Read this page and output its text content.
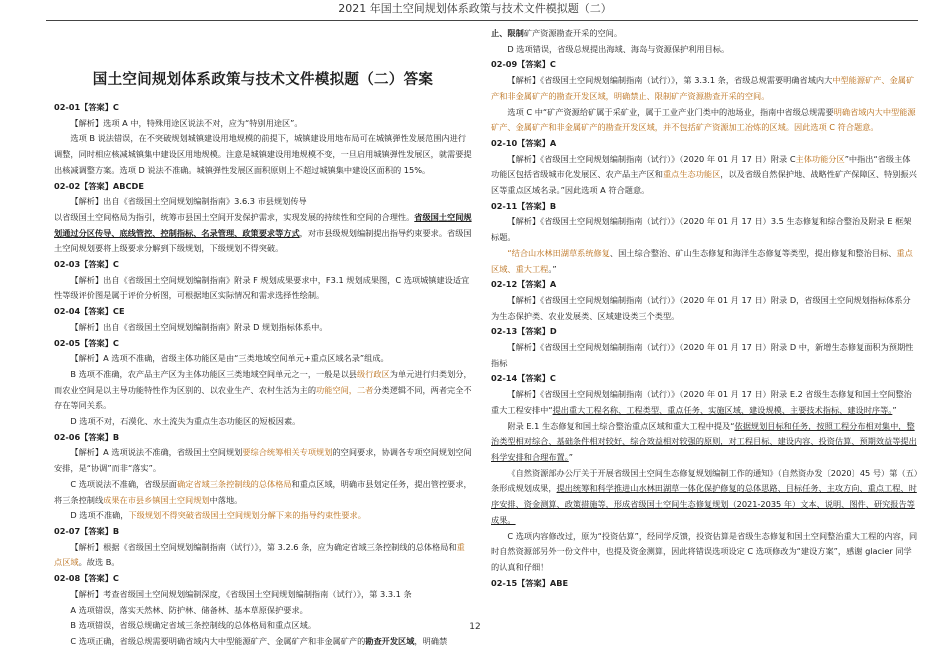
2021 年国土空间规划体系政策与技术文件模拟题（二）
国土空间规划体系政策与技术文件模拟题（二）答案

02-01【答案】C

【解析】选项 A 中，特殊用途区说法不对，应为“特别用途区”。

选项 B 说法错误，在不突破规划城镇建设用地规模的前提下，城镇建设用地布局可在城镇弹性发展范围内进行调整，同时相应核减城镇集中建设区用地规模。注意是城镇建设用地规模不变，一旦启用城镇弹性发展区，就需要提出核减调整方案。选项 D 说法不准确。城镇弹性发展区面积原则上不超过城镇集中建设区面积的 15%。

02-02【答案】ABCDE

【解析】出自《省级国土空间规划编制指南》3.6.3 市县规划传导

以省级国土空间格局为指引，统筹市县国土空间开发保护需求，实现发展的持续性和空间的合理性。省级国土空间规划通过分区传导、底线管控、控制指标、名录管理、政策要求等方式，对市县级规划编制提出指导约束要求。省级国土空间规划要将上级要求分解到下级规划，下级规划不得突破。

02-03【答案】C

【解析】出自《省级国土空间规划编制指南》附录 F 规划成果要求中，F3.1 规划成果图，C 选项城镇建设适宜性等级评价图是属于评价分析图，可根据地区实际情况和需求选择性绘制。

02-04【答案】CE

【解析】出自《省级国土空间规划编制指南》附录 D 规划指标体系中。

02-05【答案】C

【解析】A 选项不准确，省级主体功能区是由“三类地域空间单元+重点区域名录”组成。

B 选项不准确，农产品主产区为主体功能区三类地域空间单元之一，一般是以县级行政区为单元进行归类划分，而农业空间是以主导功能特性作为区别的、以农业生产、农村生活为主的功能空间，二者分类逻辑不同，两者完全不存在等同关系。

D 选项不对，石漠化、水土流失为重点生态功能区的短板因素。

02-06【答案】B

【解析】A 选项说法不准确，省级国土空间规划要综合统筹相关专项规划的空间要求，协调各专项空间规划空间安排，是“协调”而非“落实”。

C 选项说法不准确，省级层面确定省域三条控制线的总体格局和重点区域，明确市县划定任务，提出管控要求，将三条控制线成果在市县乡镇国土空间规划中落地。

D 选项不准确，下级规划不得突破省级国土空间规划分解下来的指导约束性要求。

02-07【答案】B

【解析】根据《省级国土空间规划编制指南（试行）》，第 3.2.6 条，应为确定省域三条控制线的总体格局和重点区域。故选 B。

02-08【答案】C

【解析】考查省级国土空间规划编制深度，《省级国土空间规划编制指南（试行）》，第 3.3.1 条

A 选项错误，落实天然林、防护林、储备林、基本草原保护要求。

B 选项错误，省级总规确定省域三条控制线的总体格局和重点区域。

C 选项正确，省级总规需要明确省域内大中型能源矿产、金属矿产和非金属矿产的勘查开发区域，明确禁

止、限制矿产资源勘查开采的空间。

D 选项错误，省级总规提出海域、海岛与资源保护利用目标。

02-09【答案】C

【解析】《省级国土空间规划编制指南（试行）》，第 3.3.1 条，省级总规需要明确省域内大中型能源矿产、金属矿产和非金属矿产的勘查开发区域，明确禁止、限制矿产资源勘查开采的空间。

选项 C 中“矿产资源给矿属于采矿业，属于工业产业门类中的池场业，指南中省级总规需要明确省域内大中型能源矿产、金属矿产和非金属矿产的勘查开发区域，并不包括矿产资源加工冶炼的区域。因此选项 C 符合题意。

02-10【答案】A

【解析】《省级国土空间规划编制指南（试行）》（2020 年 01 月 17 日）附录 C主体功能分区”中指出“省级主体功能区包括省级城市化发展区、农产品主产区和重点生态功能区，以及省级自然保护地、战略性矿产保障区、特别振兴区等重点区域名录。”因此选项 A 符合题意。

02-11【答案】B

【解析】《省级国土空间规划编制指南（试行）》（2020 年 01 月 17 日）3.5 生态修复和综合整治及附录 E 框架标题。

“结合山水林田湖草系统修复、国土综合整治、矿山生态修复和海洋生态修复等类型，提出修复和整治目标、重点区域、重大工程。”

02-12【答案】A

【解析】《省级国土空间规划编制指南（试行）》（2020 年 01 月 17 日）附录 D，省级国土空间规划指标体系分为生态保护类、农业发展类、区域建设类三个类型。

02-13【答案】D

【解析】《省级国土空间规划编制指南（试行）》（2020 年 01 月 17 日）附录 D 中，新增生态修复面积为预期性指标

02-14【答案】C

【解析】《省级国土空间规划编制指南（试行）》（2020 年 01 月 17 日）附录 E.2 省级生态修复和国土空间整治重大工程安排中“提出重大工程名称、工程类型、重点任务、实施区域、建设规模、主要技术指标、建设时序等。”

附录 E.1 生态修复和国土综合整治重点区域和重大工程中提及“依据规划目标和任务，按照工程分布相对集中，整治类型相对综合、基础条件相对较好、综合效益相对较强的原则，对工程目标、建设内容、投资估算、预期效益等提出科学安排和合理布置。”

《自然资源部办公厅关于开展省级国土空间生态修复规划编制工作的通知》（自然资办发〔2020〕45 号）第（五）条形成规划成果，提出统筹和科学推进山水林田湖草一体化保护修复的总体思路、目标任务、主攻方向、重点工程、时序安排、资金测算、政策措施等，形成省级国土空间生态修复规划（2021-2035 年）文本、说明、图件、研究报告等成果。

C 选项内容修改过，原为“投资估算”，经同学反馈，投资估算是省级生态修复和国土空间整治重大工程的内容，同时自然资源部另外一份文件中，也提及资金测算，因此将错误选项设定 C 选项修改为“建设方案”，感谢 glacier 同学的认真和仔细！

02-15【答案】ABE

12
